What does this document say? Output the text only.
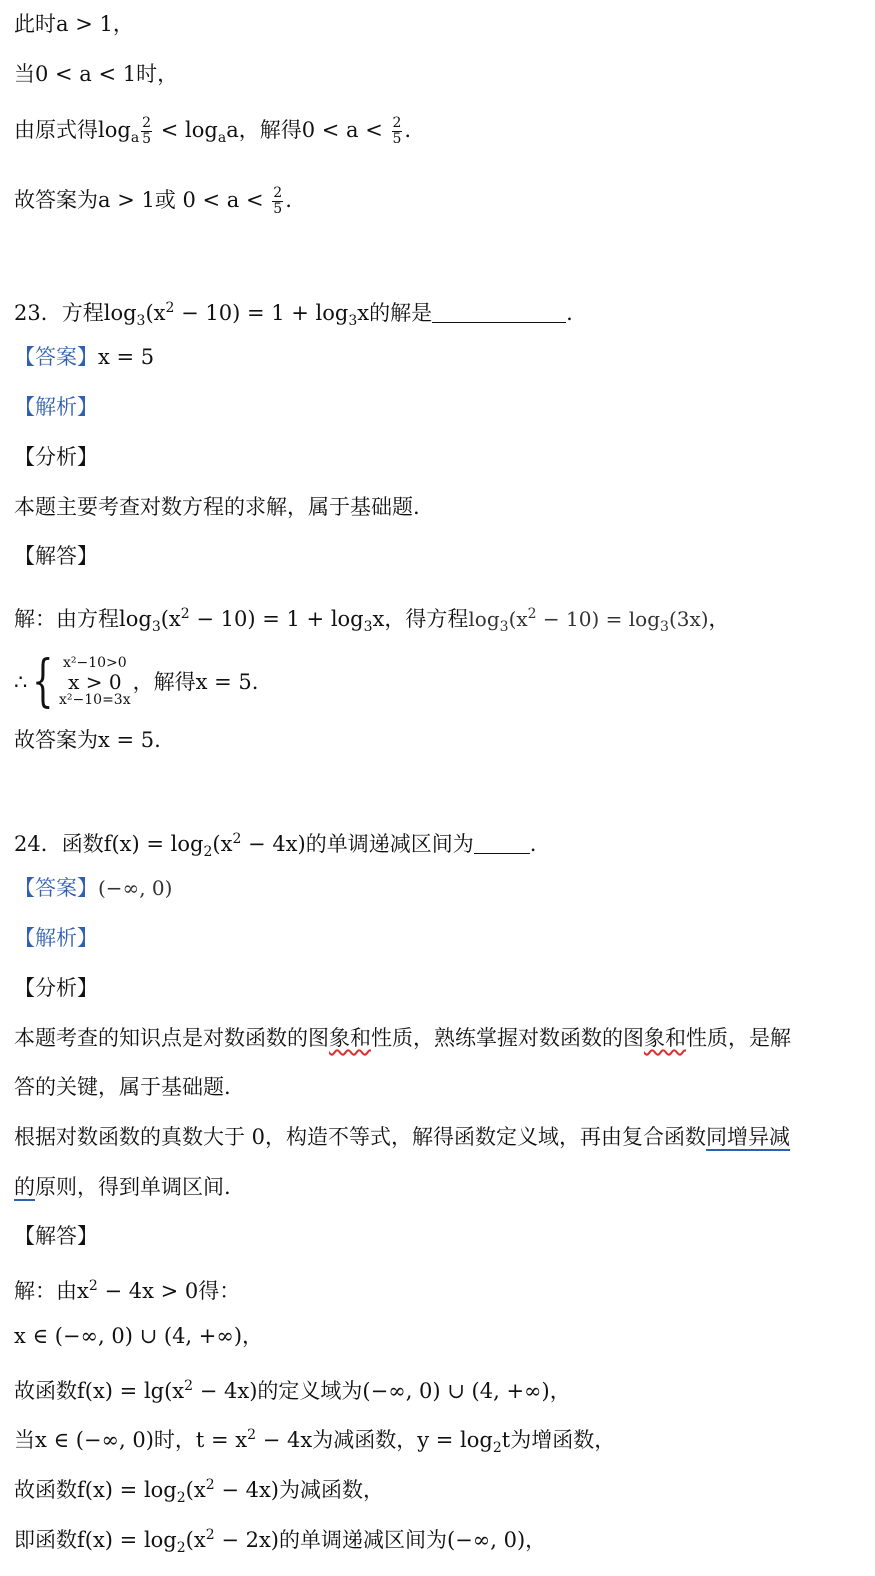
此时a > 1，
当0 < a < 1时，
由原式得$\log_a \frac{2}{5} < \log_aa$，解得$0 < a < \frac{2}{5}$ .
故答案为a > 1或 $0 < a < \frac{2}{5}$ .
23．方程$\log_3(x^2 - 10) = 1 + \log_3x$的解是	.
【答案】x = 5
【解析】
【分析】
本题主要考查对数方程的求解，属于基础题.
【解答】
解：由方程$\log_3(x^2 - 10) = 1 + \log_3x$，得方程$\log_3(x^2 - 10) = \log_3(3x)$，
∴ { x²−10>0
x > 0
x²−10=3x
，解得x = 5.
故答案为x = 5.
24．函数$f(x) = \log_2(x^2 - 4x)$的单调递减区间为	.
【答案】(−∞, 0)
【解析】
【分析】
本题考查的知识点是对数函数的图象和性质，熟练掌握对数函数的图象和性质，是解
答的关键，属于基础题.
根据对数函数的真数大于 0，构造不等式，解得函数定义域，再由复合函数同增异减
的原则，得到单调区间.
【解答】
解：由$x^2 - 4x > 0$得：
x ∈ (−∞, 0) ∪ (4, +∞)，
故函数$f(x) = \lg(x^2 - 4x)$的定义域为(−∞, 0) ∪ (4, +∞)，
当x ∈ (−∞, 0)时，$t = x^2 - 4x$为减函数，$y = \log_2t$为增函数，
故函数$f(x) = \log_2(x^2 - 4x)$为减函数，
即函数$f(x) = \log_2(x^2 - 2x)$的单调递减区间为(−∞, 0)，
